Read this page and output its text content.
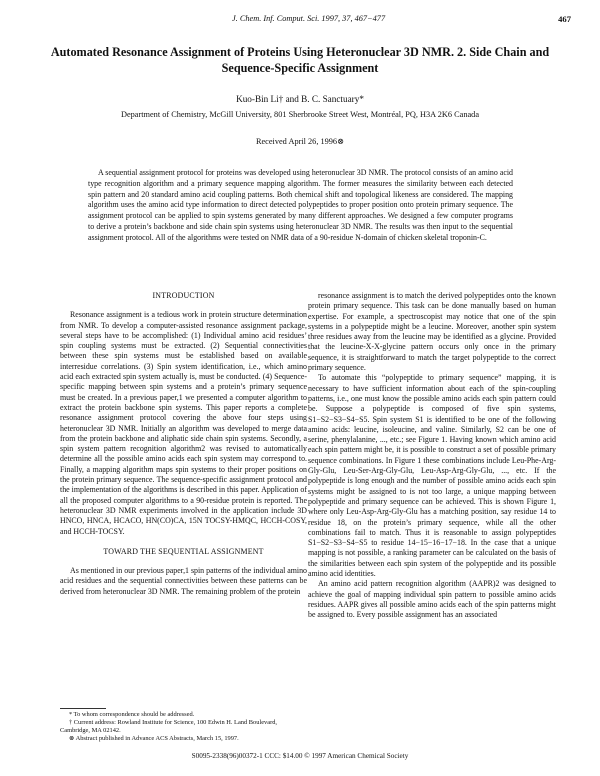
J. Chem. Inf. Comput. Sci. 1997, 37, 467−477	467
Automated Resonance Assignment of Proteins Using Heteronuclear 3D NMR. 2. Side Chain and Sequence-Specific Assignment
Kuo-Bin Li† and B. C. Sanctuary*
Department of Chemistry, McGill University, 801 Sherbrooke Street West, Montréal, PQ, H3A 2K6 Canada
Received April 26, 1996⊗

A sequential assignment protocol for proteins was developed using heteronuclear 3D NMR. The protocol consists of an amino acid type recognition algorithm and a primary sequence mapping algorithm. The former measures the similarity between each detected spin pattern and 20 standard amino acid coupling patterns. Both chemical shift and topological likeness are considered. The mapping algorithm uses the amino acid type information to direct detected polypeptides to proper position onto protein primary sequence. The assignment protocol can be applied to spin systems generated by many different approaches. We designed a few computer programs to derive a protein’s backbone and side chain spin systems using heteronuclear 3D NMR. The results was then input to the sequential assignment protocol. All of the algorithms were tested on NMR data of a 90-residue N-domain of chicken skeletal troponin-C.

INTRODUCTION

Resonance assignment is a tedious work in protein structure determination from NMR. To develop a computer-assisted resonance assignment package, several steps have to be accomplished: (1) Individual amino acid residues’ spin coupling systems must be extracted. (2) Sequential connectivities between these spin systems must be established based on available interresidue correlations. (3) Spin system identification, i.e., which amino acid each extracted spin system actually is, must be conducted. (4) Sequence-specific mapping between spin systems and a protein’s primary sequence must be created. In a previous paper,1 we presented a computer algorithm to extract the protein backbone spin systems. This paper reports a complete resonance assignment protocol covering the above four steps using heteronuclear 3D NMR. Initially an algorithm was developed to merge data from the protein backbone and aliphatic side chain spin systems. Secondly, a spin system pattern recognition algorithm2 was revised to automatically determine all the possible amino acids each spin system may correspond to. Finally, a mapping algorithm maps spin systems to their proper positions on the protein primary sequence. The sequence-specific assignment protocol and the implementation of the algorithms is described in this paper. Application of all the proposed computer algorithms to a 90-residue protein is reported. The heteronuclear 3D NMR experiments involved in the application include 3D HNCO, HNCA, HCACO, HN(CO)CA, 15N TOCSY-HMQC, HCCH-COSY, and HCCH-TOCSY.

TOWARD THE SEQUENTIAL ASSIGNMENT

As mentioned in our previous paper,1 spin patterns of the individual amino acid residues and the sequential connectivities between these patterns can be derived from heteronuclear 3D NMR. The remaining problem of the protein

* To whom correspondence should be addressed.
† Current address: Rowland Institute for Science, 100 Edwin H. Land Boulevard, Cambridge, MA 02142.
⊗ Abstract published in Advance ACS Abstracts, March 15, 1997.

resonance assignment is to match the derived polypeptides onto the known protein primary sequence. This task can be done manually based on human expertise. For example, a spectroscopist may notice that one of the spin systems in a polypeptide might be a leucine. Moreover, another spin system three residues away from the leucine may be identified as a glycine. Provided that the leucine-X-X-glycine pattern occurs only once in the primary sequence, it is straightforward to match the target polypeptide to the correct primary sequence.

To automate this “polypeptide to primary sequence” mapping, it is necessary to have sufficient information about each of the spin-coupling patterns, i.e., one must know the possible amino acids each spin pattern could be. Suppose a polypeptide is composed of five spin systems, S1−S2−S3−S4−S5. Spin system S1 is identified to be one of the following amino acids: leucine, isoleucine, and valine. Similarly, S2 can be one of serine, phenylalanine, ..., etc.; see Figure 1. Having known which amino acid each spin pattern might be, it is possible to construct a set of possible primary sequence combinations. In Figure 1 these combinations include Leu-Phe-Arg-Gly-Glu, Leu-Ser-Arg-Gly-Glu, Leu-Asp-Arg-Gly-Glu, ..., etc. If the polypeptide is long enough and the number of possible amino acids each spin systems might be assigned to is not too large, a unique mapping between polypeptide and primary sequence can be achieved. This is shown Figure 1, where only Leu-Asp-Arg-Gly-Glu has a matching position, say residue 14 to residue 18, on the protein’s primary sequence, while all the other combinations fail to match. Thus it is reasonable to assign polypeptides S1−S2−S3−S4−S5 to residue 14−15−16−17−18. In the case that a unique mapping is not possible, a ranking parameter can be calculated on the basis of the similarities between each spin system of the polypeptide and its possible amino acid identities.

An amino acid pattern recognition algorithm (AAPR)2 was designed to achieve the goal of mapping individual spin pattern to possible amino acids residues. AAPR gives all possible amino acids each of the spin patterns might be assigned to. Every possible assignment has an associated

S0095-2338(96)00372-1 CCC: $14.00 © 1997 American Chemical Society
